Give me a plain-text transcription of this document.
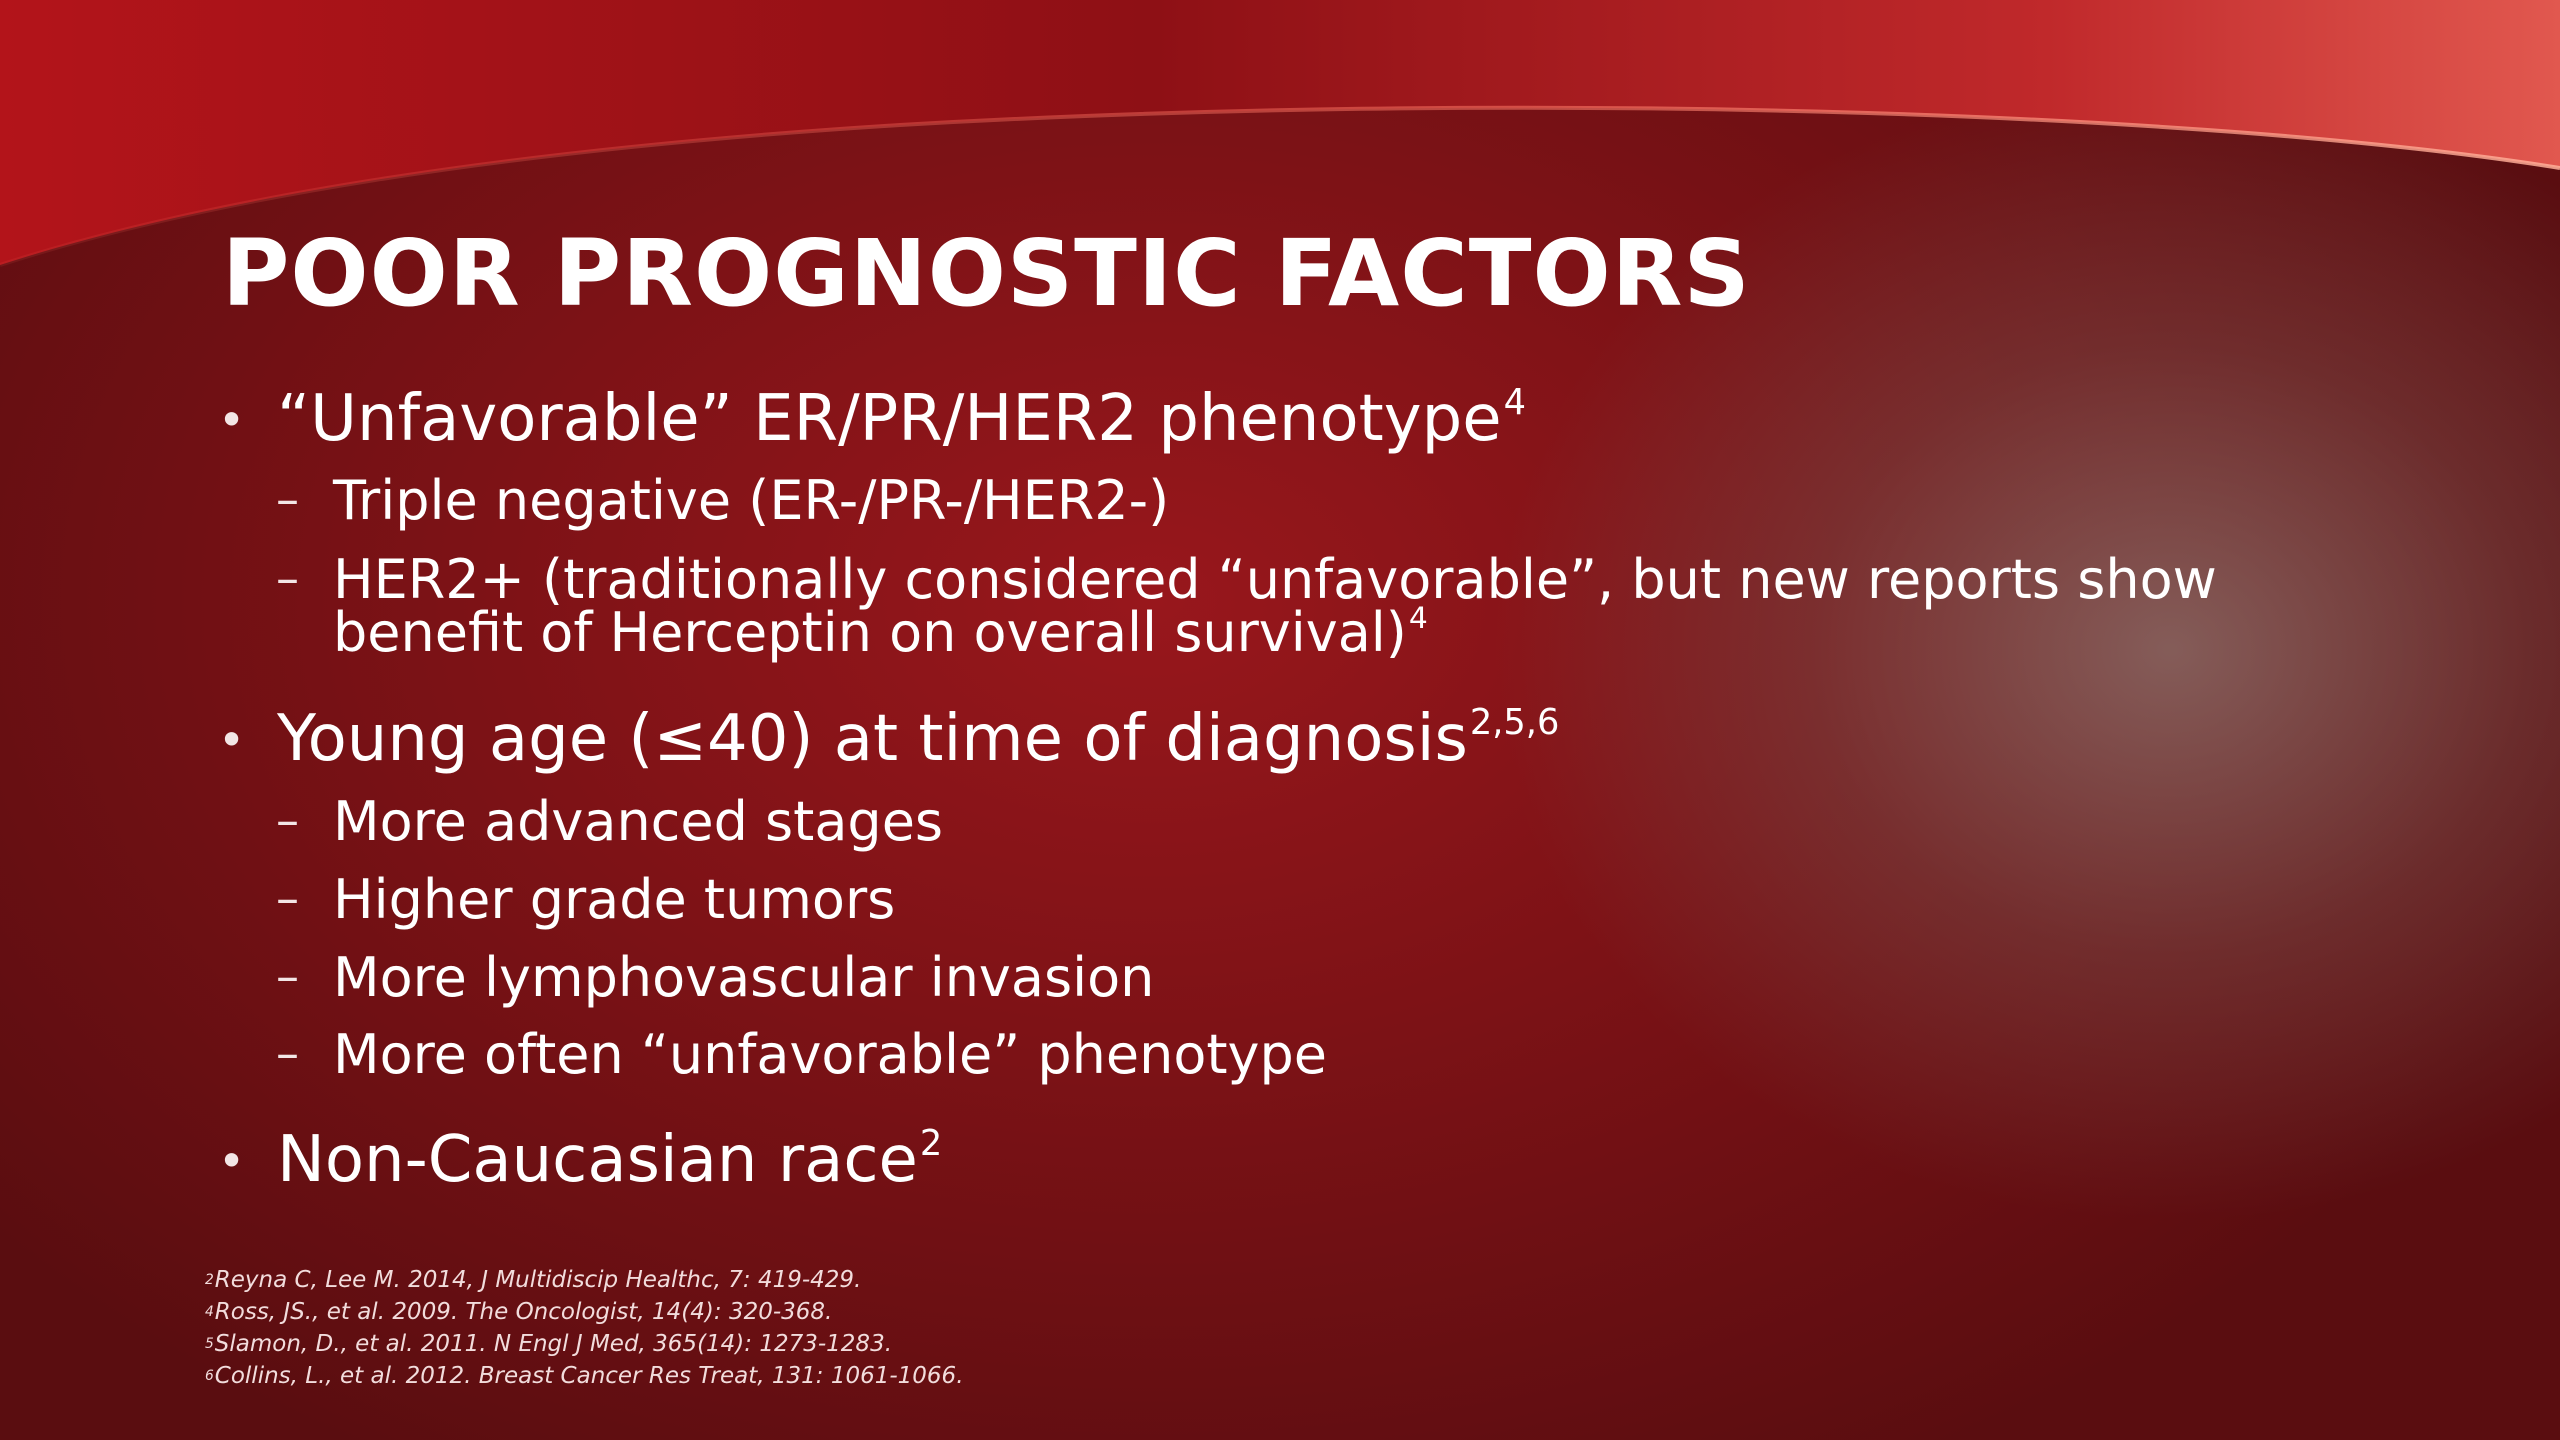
POOR PROGNOSTIC FACTORS
• “Unfavorable” ER/PR/HER2 phenotype$^4$
– Triple negative (ER-/PR-/HER2-)
– HER2+ (traditionally considered “unfavorable”, but new reports show
benefit of Herceptin on overall survival)$^4$
• Young age (≤40) at time of diagnosis$^{2,5,6}$
– More advanced stages
– Higher grade tumors
– More lymphovascular invasion
– More often “unfavorable” phenotype
• Non-Caucasian race$^2$
$^2$Reyna C, Lee M. 2014, J Multidiscip Healthc, 7: 419-429.
$^4$Ross, JS., et al. 2009. The Oncologist, 14(4): 320-368.
$^5$Slamon, D., et al. 2011. N Engl J Med, 365(14): 1273-1283.
$^6$Collins, L., et al. 2012. Breast Cancer Res Treat, 131: 1061-1066.
